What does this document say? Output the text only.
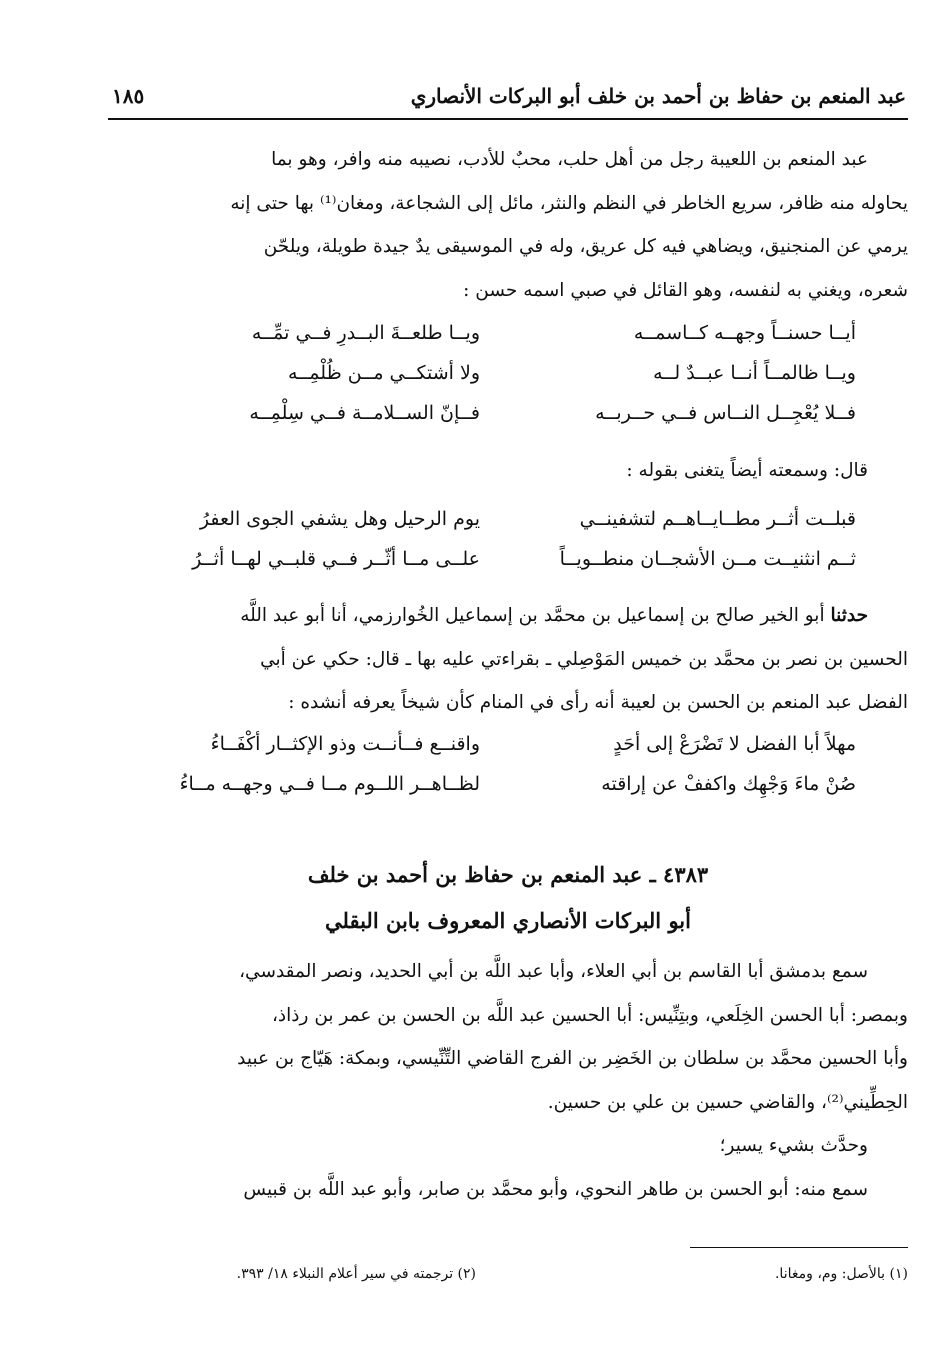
عبد المنعم بن حفاظ بن أحمد بن خلف أبو البركات الأنصاري
١٨٥

عبد المنعم بن اللعيبة رجل من أهل حلب، محبٌ للأدب، نصيبه منه وافر، وهو بما

يحاوله منه ظافر، سريع الخاطر في النظم والنثر، مائل إلى الشجاعة، ومغان⁽¹⁾ بها حتى إنه

يرمي عن المنجنيق، ويضاهي فيه كل عريق، وله في الموسيقى يدٌ جيدة طويلة، ويلحّن

شعره، ويغني به لنفسه، وهو القائل في صبي اسمه حسن :

أيــا حسنــاً وجهــه كــاسمــه
ويــا طلعــةَ البــدرِ فــي تمِّــه
ويــا ظالمــاً أنــا عبــدٌ لــه
ولا أشتكــي مــن ظُلْمِــه
فــلا يُعْجِــل النــاس فــي حــربــه
فــإنّ الســلامــة فــي سِلْمِــه

قال: وسمعته أيضاً يتغنى بقوله :

قبلــت أثــر مطــايــاهــم لتشفينــي
يوم الرحيل وهل يشفي الجوى العفرُ
ثــم انثنيــت مــن الأشجــان منطــويــاً
علــى مــا أثّــر فــي قلبــي لهــا أثــرُ

حدثنا أبو الخير صالح بن إسماعيل بن محمَّد بن إسماعيل الخُوارزمي، أنا أبو عبد اللَّه

الحسين بن نصر بن محمَّد بن خميس المَوْصِلي ـ بقراءتي عليه بها ـ قال: حكي عن أبي

الفضل عبد المنعم بن الحسن بن لعيبة أنه رأى في المنام كأن شيخاً يعرفه أنشده :

مهلاً أبا الفضل لا تَضْرَعْ إلى أحَدٍ
واقنــع فــأنــت وذو الإكثــار أكْفَــاءُ
صُنْ ماءَ وَجْهِك واكففْ عن إراقته
لظــاهــر اللــوم مــا فــي وجهــه مــاءُ
٤٣٨٣ ـ عبد المنعم بن حفاظ بن أحمد بن خلف
أبو البركات الأنصاري المعروف بابن البقلي

سمع بدمشق أبا القاسم بن أبي العلاء، وأبا عبد اللَّه بن أبي الحديد، ونصر المقدسي،

وبمصر: أبا الحسن الخِلَعي، وبتِنِّيس: أبا الحسين عبد اللَّه بن الحسن بن عمر بن رذاذ،

وأبا الحسين محمَّد بن سلطان بن الخَضِر بن الفرج القاضي التِّنِّيسي، وبمكة: هَيّاج بن عبيد

الحِطِّيني⁽²⁾، والقاضي حسين بن علي بن حسين.

وحدَّث بشيء يسير؛

سمع منه: أبو الحسن بن طاهر النحوي، وأبو محمَّد بن صابر، وأبو عبد اللَّه بن قبيس

(١) بالأصل: وم، ومغانا.
(٢) ترجمته في سير أعلام النبلاء ١٨/ ٣٩٣.
